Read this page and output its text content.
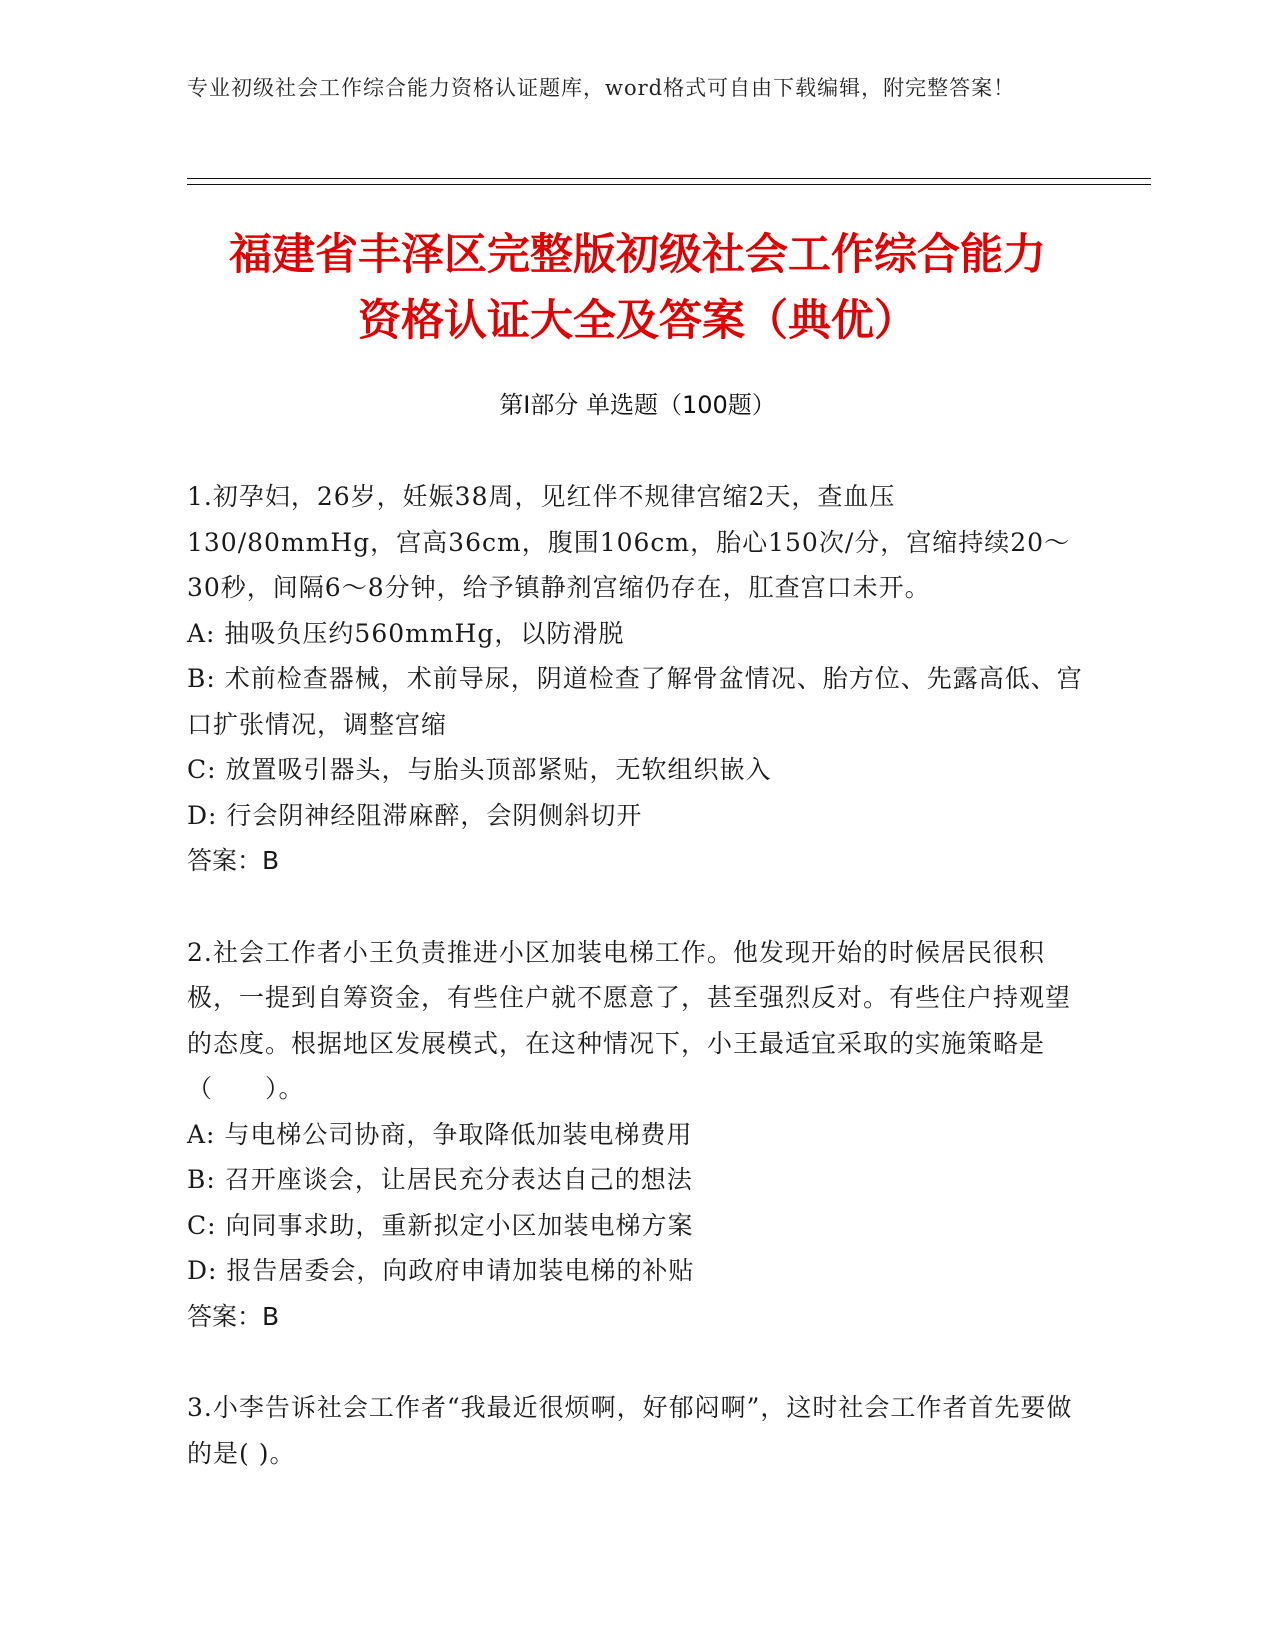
专业初级社会工作综合能力资格认证题库，word格式可自由下载编辑，附完整答案！
福建省丰泽区完整版初级社会工作综合能力
资格认证大全及答案（典优）
第Ⅰ部分 单选题（100题）
1.初孕妇，26岁，妊娠38周，见红伴不规律宫缩2天，查血压130/80mmHg，宫高36cm，腹围106cm，胎心150次/分，宫缩持续20～30秒，间隔6～8分钟，给予镇静剂宫缩仍存在，肛查宫口未开。
A: 抽吸负压约560mmHg，以防滑脱
B: 术前检查器械，术前导尿，阴道检查了解骨盆情况、胎方位、先露高低、宫口扩张情况，调整宫缩
C: 放置吸引器头，与胎头顶部紧贴，无软组织嵌入
D: 行会阴神经阻滞麻醉，会阴侧斜切开
答案：B
2.社会工作者小王负责推进小区加装电梯工作。他发现开始的时候居民很积极，一提到自筹资金，有些住户就不愿意了，甚至强烈反对。有些住户持观望的态度。根据地区发展模式，在这种情况下，小王最适宜采取的实施策略是（　　）。
A: 与电梯公司协商，争取降低加装电梯费用
B: 召开座谈会，让居民充分表达自己的想法
C: 向同事求助，重新拟定小区加装电梯方案
D: 报告居委会，向政府申请加装电梯的补贴
答案：B
3.小李告诉社会工作者“我最近很烦啊，好郁闷啊”，这时社会工作者首先要做的是( )。
